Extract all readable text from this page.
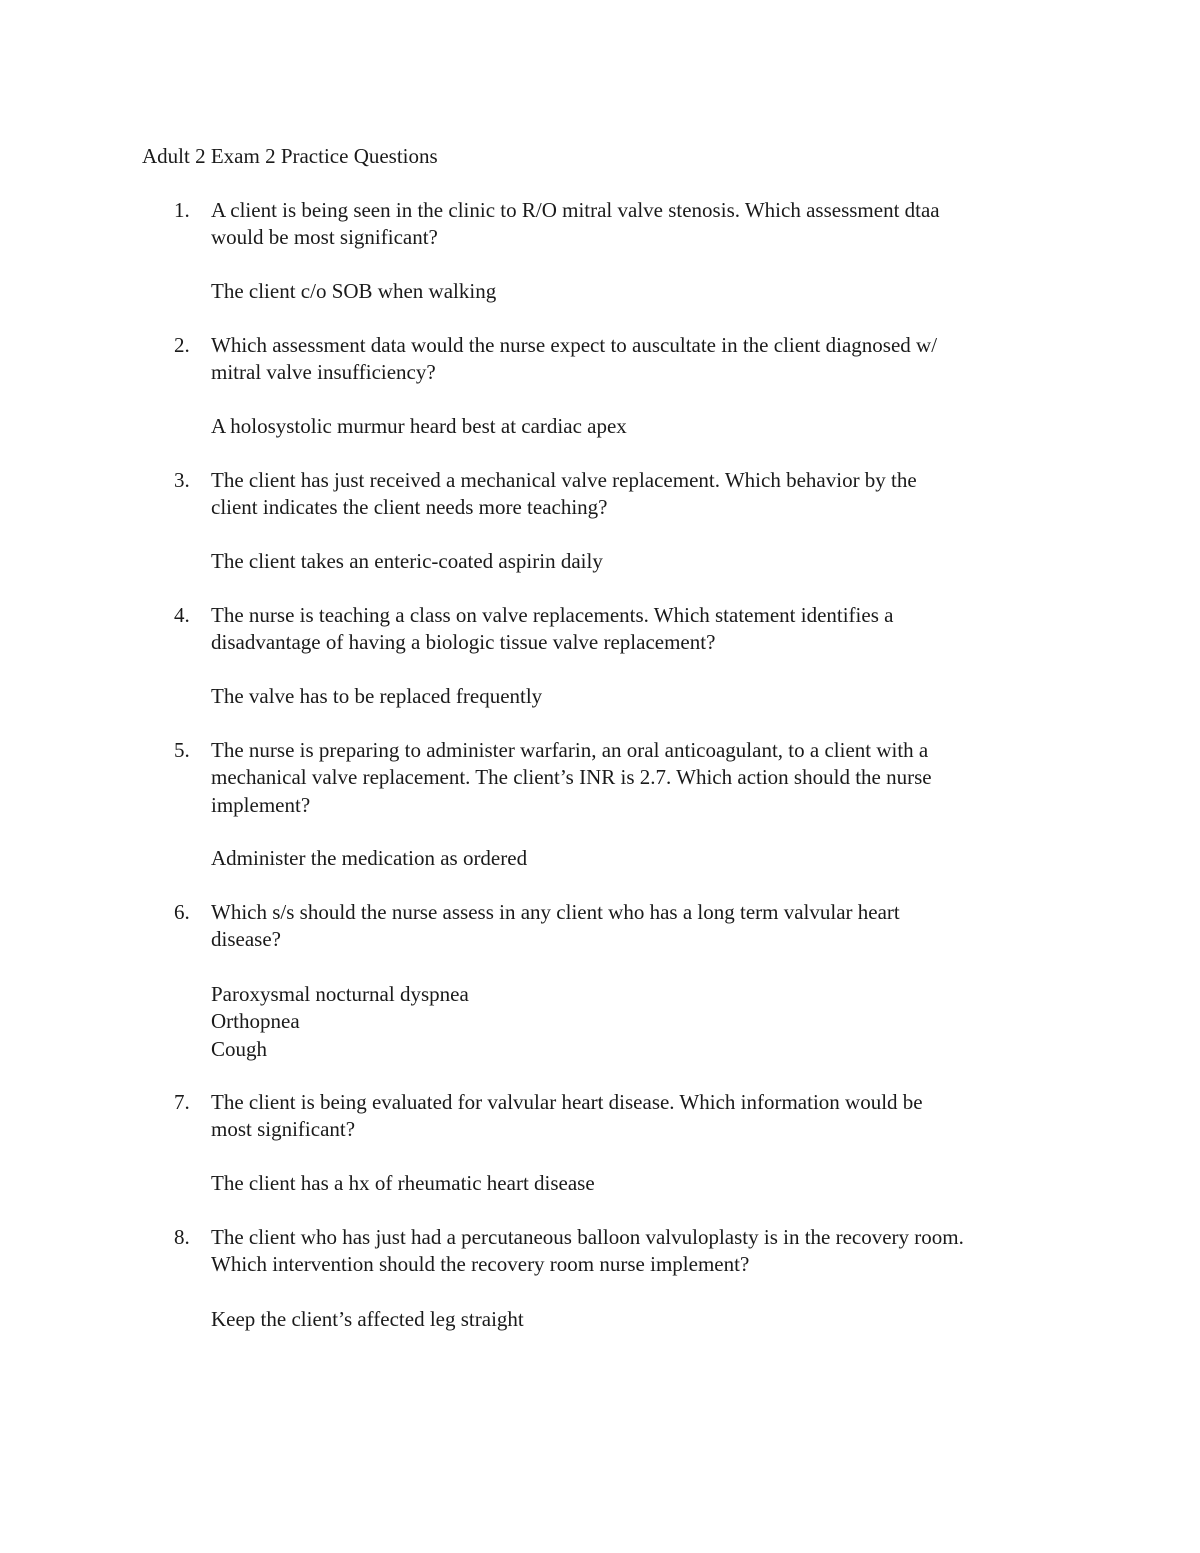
Adult 2 Exam 2 Practice Questions
1. A client is being seen in the clinic to R/O mitral valve stenosis. Which assessment dtaa
would be most significant?
The client c/o SOB when walking
2. Which assessment data would the nurse expect to auscultate in the client diagnosed w/
mitral valve insufficiency?
A holosystolic murmur heard best at cardiac apex
3. The client has just received a mechanical valve replacement. Which behavior by the
client indicates the client needs more teaching?
The client takes an enteric-coated aspirin daily
4. The nurse is teaching a class on valve replacements. Which statement identifies a
disadvantage of having a biologic tissue valve replacement?
The valve has to be replaced frequently
5. The nurse is preparing to administer warfarin, an oral anticoagulant, to a client with a
mechanical valve replacement. The client’s INR is 2.7. Which action should the nurse
implement?
Administer the medication as ordered
6. Which s/s should the nurse assess in any client who has a long term valvular heart
disease?
Paroxysmal nocturnal dyspnea
Orthopnea
Cough
7. The client is being evaluated for valvular heart disease. Which information would be
most significant?
The client has a hx of rheumatic heart disease
8. The client who has just had a percutaneous balloon valvuloplasty is in the recovery room.
Which intervention should the recovery room nurse implement?
Keep the client’s affected leg straight
